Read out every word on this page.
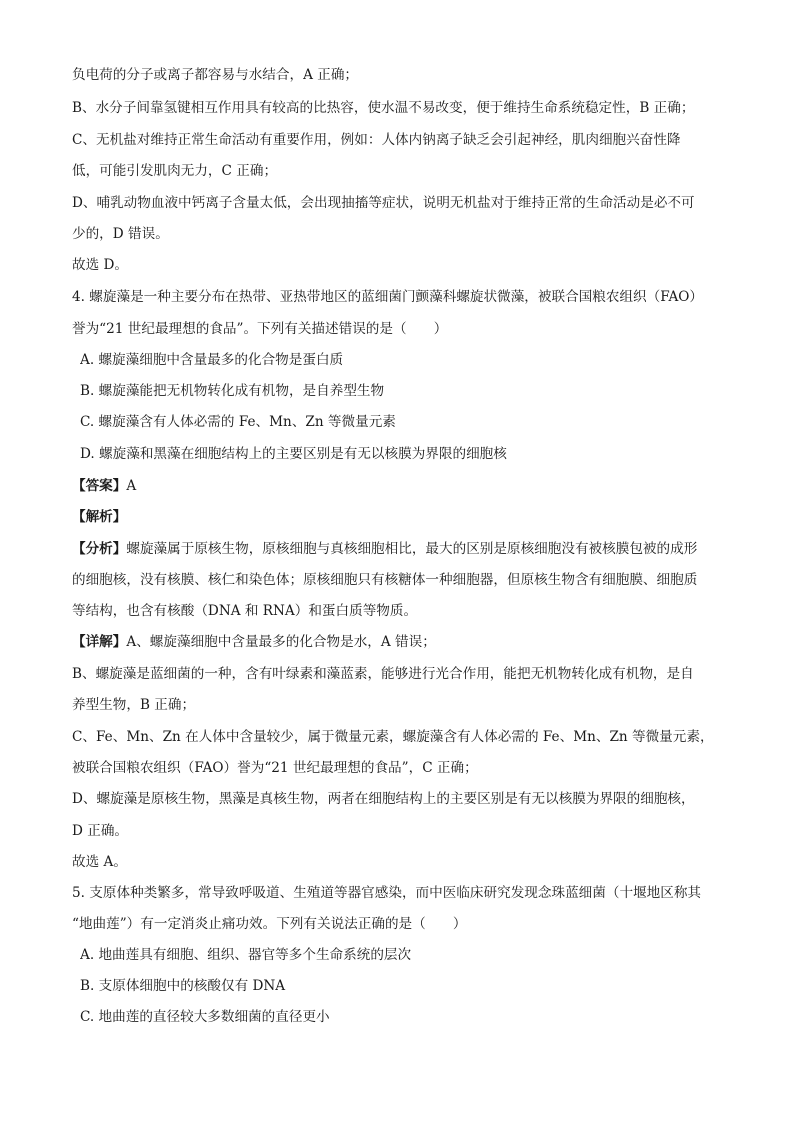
负电荷的分子或离子都容易与水结合，A 正确；
B、水分子间靠氢键相互作用具有较高的比热容，使水温不易改变，便于维持生命系统稳定性，B 正确；
C、无机盐对维持正常生命活动有重要作用，例如：人体内钠离子缺乏会引起神经，肌肉细胞兴奋性降
低，可能引发肌肉无力，C 正确；
D、哺乳动物血液中钙离子含量太低，会出现抽搐等症状，说明无机盐对于维持正常的生命活动是必不可
少的，D 错误。
故选 D。
4. 螺旋藻是一种主要分布在热带、亚热带地区的蓝细菌门颤藻科螺旋状微藻，被联合国粮农组织（FAO）
誉为“21 世纪最理想的食品”。下列有关描述错误的是（　　）
A. 螺旋藻细胞中含量最多的化合物是蛋白质
B. 螺旋藻能把无机物转化成有机物，是自养型生物
C. 螺旋藻含有人体必需的 Fe、Mn、Zn 等微量元素
D. 螺旋藻和黑藻在细胞结构上的主要区别是有无以核膜为界限的细胞核
【答案】A
【解析】
【分析】螺旋藻属于原核生物，原核细胞与真核细胞相比，最大的区别是原核细胞没有被核膜包被的成形
的细胞核，没有核膜、核仁和染色体；原核细胞只有核糖体一种细胞器，但原核生物含有细胞膜、细胞质
等结构，也含有核酸（DNA 和 RNA）和蛋白质等物质。
【详解】A、螺旋藻细胞中含量最多的化合物是水，A 错误；
B、螺旋藻是蓝细菌的一种，含有叶绿素和藻蓝素，能够进行光合作用，能把无机物转化成有机物，是自
养型生物，B 正确；
C、Fe、Mn、Zn 在人体中含量较少，属于微量元素，螺旋藻含有人体必需的 Fe、Mn、Zn 等微量元素，
被联合国粮农组织（FAO）誉为“21 世纪最理想的食品”，C 正确；
D、螺旋藻是原核生物，黑藻是真核生物，两者在细胞结构上的主要区别是有无以核膜为界限的细胞核，
D 正确。
故选 A。
5. 支原体种类繁多，常导致呼吸道、生殖道等器官感染，而中医临床研究发现念珠蓝细菌（十堰地区称其
“地曲莲”）有一定消炎止痛功效。下列有关说法正确的是（　　）
A. 地曲莲具有细胞、组织、器官等多个生命系统的层次
B. 支原体细胞中的核酸仅有 DNA
C. 地曲莲的直径较大多数细菌的直径更小
